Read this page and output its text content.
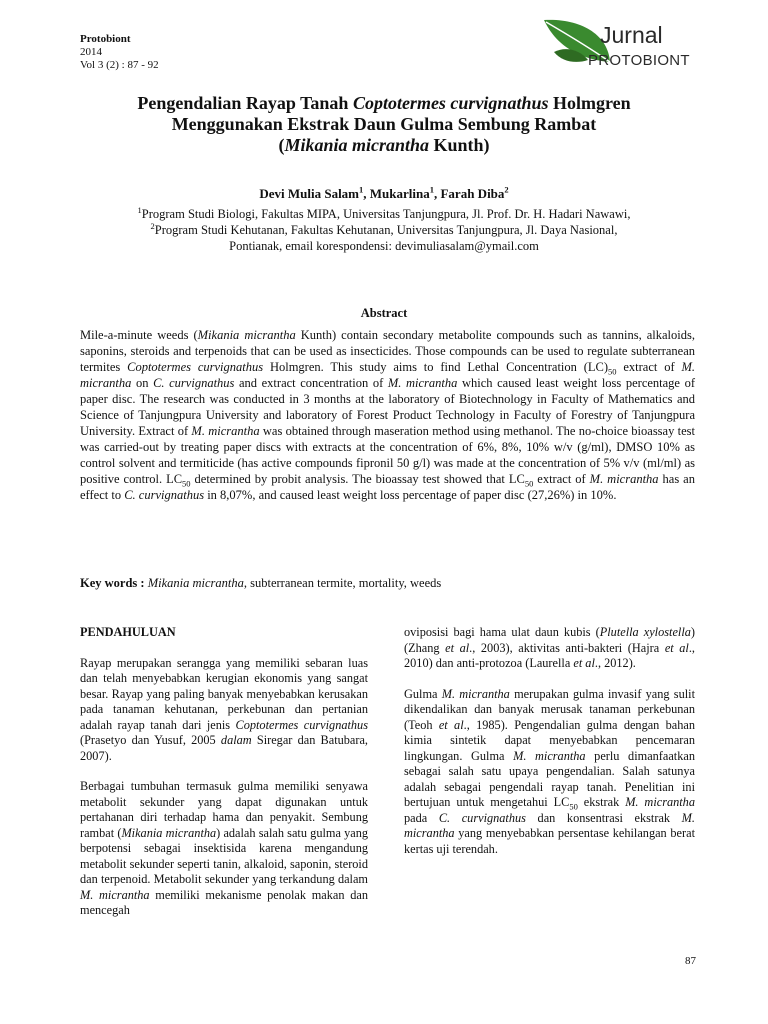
Protobiont
2014
Vol 3 (2) : 87 - 92
Jurnal
PROTOBIONT
Pengendalian Rayap Tanah Coptotermes curvignathus Holmgren
Menggunakan Ekstrak Daun Gulma Sembung Rambat
(Mikania micrantha Kunth)
Devi Mulia Salam$^1$, Mukarlina$^1$, Farah Diba$^2$
$^1$Program Studi Biologi, Fakultas MIPA, Universitas Tanjungpura, Jl. Prof. Dr. H. Hadari Nawawi,
$^2$Program Studi Kehutanan, Fakultas Kehutanan, Universitas Tanjungpura, Jl. Daya Nasional,
Pontianak, email korespondensi: devimuliasalam@ymail.com
Abstract
Mile-a-minute weeds (Mikania micrantha Kunth) contain secondary metabolite compounds such as tannins, alkaloids, saponins, steroids and terpenoids that can be used as insecticides. Those compounds can be used to regulate subterranean termites Coptotermes curvignathus Holmgren. This study aims to find Lethal Concentration $(LC)_{50}$ extract of M. micrantha on C. curvignathus and extract concentration of M. micrantha which caused least weight loss percentage of paper disc. The research was conducted in 3 months at the laboratory of Biotechnology in Faculty of Mathematics and Science of Tanjungpura University and laboratory of Forest Product Technology in Faculty of Forestry of Tanjungpura University. Extract of M. micrantha was obtained through maseration method using methanol. The no-choice bioassay test was carried-out by treating paper discs with extracts at the concentration of 6%, 8%, 10% w/v (g/ml), DMSO 10% as control solvent and termiticide (has active compounds fipronil 50 g/l) was made at the concentration of 5% v/v (ml/ml) as positive control. $LC_{50}$ determined by probit analysis. The bioassay test showed that $LC_{50}$ extract of M. micrantha has an effect to C. curvignathus in 8,07%, and caused least weight loss percentage of paper disc (27,26%) in 10%.
Key words : Mikania micrantha, subterranean termite, mortality, weeds
PENDAHULUAN

Rayap merupakan serangga yang memiliki sebaran luas dan telah menyebabkan kerugian ekonomis yang sangat besar. Rayap yang paling banyak menyebabkan kerusakan pada tanaman kehutanan, perkebunan dan pertanian adalah rayap tanah dari jenis Coptotermes curvignathus (Prasetyo dan Yusuf, 2005 dalam Siregar dan Batubara, 2007).

Berbagai tumbuhan termasuk gulma memiliki senyawa metabolit sekunder yang dapat digunakan untuk pertahanan diri terhadap hama dan penyakit. Sembung rambat (Mikania micrantha) adalah salah satu gulma yang berpotensi sebagai insektisida karena mengandung metabolit sekunder seperti tanin, alkaloid, saponin, steroid dan terpenoid. Metabolit sekunder yang terkandung dalam M. micrantha memiliki mekanisme penolak makan dan mencegah

oviposisi bagi hama ulat daun kubis (Plutella xylostella) (Zhang et al., 2003), aktivitas anti-bakteri (Hajra et al., 2010) dan anti-protozoa (Laurella et al., 2012).

Gulma M. micrantha merupakan gulma invasif yang sulit dikendalikan dan banyak merusak tanaman perkebunan (Teoh et al., 1985). Pengendalian gulma dengan bahan kimia sintetik dapat menyebabkan pencemaran lingkungan. Gulma M. micrantha perlu dimanfaatkan sebagai salah satu upaya pengendalian. Salah satunya adalah sebagai pengendali rayap tanah. Penelitian ini bertujuan untuk mengetahui $LC_{50}$ ekstrak M. micrantha pada C. curvignathus dan konsentrasi ekstrak M. micrantha yang menyebabkan persentase kehilangan berat kertas uji terendah.

87
